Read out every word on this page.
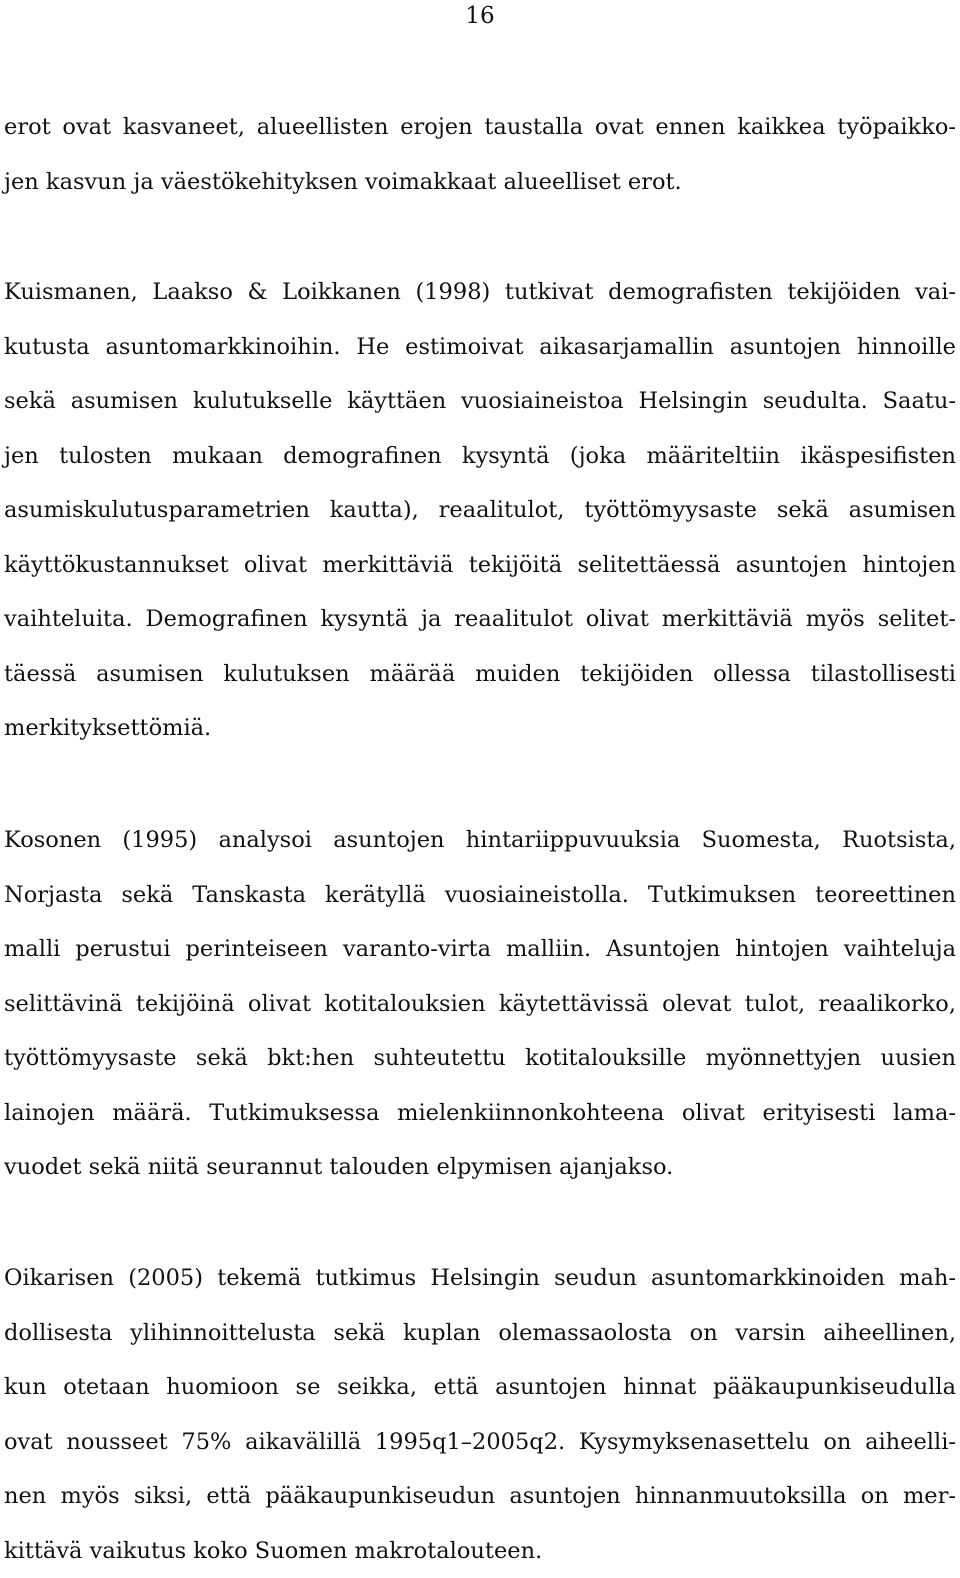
16
erot ovat kasvaneet, alueellisten erojen taustalla ovat ennen kaikkea työpaikko-
jen kasvun ja väestökehityksen voimakkaat alueelliset erot.
Kuismanen, Laakso & Loikkanen (1998) tutkivat demografisten tekijöiden vai-
kutusta asuntomarkkinoihin. He estimoivat aikasarjamallin asuntojen hinnoille
sekä asumisen kulutukselle käyttäen vuosiaineistoa Helsingin seudulta. Saatu-
jen tulosten mukaan demografinen kysyntä (joka määriteltiin ikäspesifisten
asumiskulutusparametrien kautta), reaalitulot, työttömyysaste sekä asumisen
käyttökustannukset olivat merkittäviä tekijöitä selitettäessä asuntojen hintojen
vaihteluita. Demografinen kysyntä ja reaalitulot olivat merkittäviä myös selitet-
täessä asumisen kulutuksen määrää muiden tekijöiden ollessa tilastollisesti
merkityksettömiä.
Kosonen (1995) analysoi asuntojen hintariippuvuuksia Suomesta, Ruotsista,
Norjasta sekä Tanskasta kerätyllä vuosiaineistolla. Tutkimuksen teoreettinen
malli perustui perinteiseen varanto-virta malliin. Asuntojen hintojen vaihteluja
selittävinä tekijöinä olivat kotitalouksien käytettävissä olevat tulot, reaalikorko,
työttömyysaste sekä bkt:hen suhteutettu kotitalouksille myönnettyjen uusien
lainojen määrä. Tutkimuksessa mielenkiinnonkohteena olivat erityisesti lama-
vuodet sekä niitä seurannut talouden elpymisen ajanjakso.
Oikarisen (2005) tekemä tutkimus Helsingin seudun asuntomarkkinoiden mah-
dollisesta ylihinnoittelusta sekä kuplan olemassaolosta on varsin aiheellinen,
kun otetaan huomioon se seikka, että asuntojen hinnat pääkaupunkiseudulla
ovat nousseet 75% aikavälillä 1995q1–2005q2. Kysymyksenasettelu on aiheelli-
nen myös siksi, että pääkaupunkiseudun asuntojen hinnanmuutoksilla on mer-
kittävä vaikutus koko Suomen makrotalouteen.
